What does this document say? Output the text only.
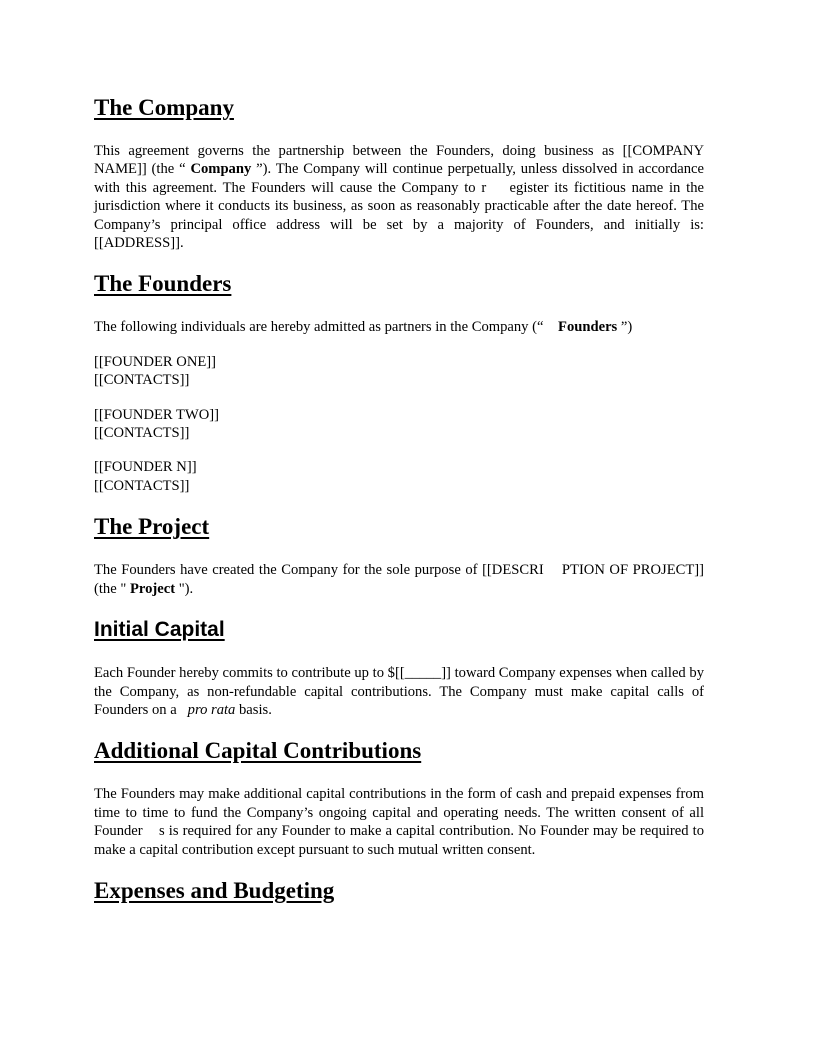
The Company

This agreement governs the partnership between the Founders, doing business as [[COMPANY NAME]] (the “ Company ”). The Company will continue perpetually, unless dissolved in accordance with this agreement. The Founders will cause the Company to r    egister its fictitious name in the jurisdiction where it conducts its business, as soon as reasonably practicable after the date hereof. The Company’s principal office address will be set by a majority of Founders, and initially is: [[ADDRESS]].

The Founders

The following individuals are hereby admitted as partners in the Company (“    Founders ”)

[[FOUNDER ONE]]

[[CONTACTS]]

[[FOUNDER TWO]]

[[CONTACTS]]

[[FOUNDER N]]

[[CONTACTS]]

The Project

The Founders have created the Company for the sole purpose of [[DESCRI    PTION OF PROJECT]] (the " Project ").

Initial Capital

Each Founder hereby commits to contribute up to $[[_____]] toward Company expenses when called by the Company, as non-refundable capital contributions. The Company must make capital calls of Founders on a   pro rata basis.

Additional Capital Contributions

The Founders may make additional capital contributions in the form of cash and prepaid expenses from time to time to fund the Company’s ongoing capital and operating needs. The written consent of all Founder    s is required for any Founder to make a capital contribution. No Founder may be required to make a capital contribution except pursuant to such mutual written consent.

Expenses and Budgeting
